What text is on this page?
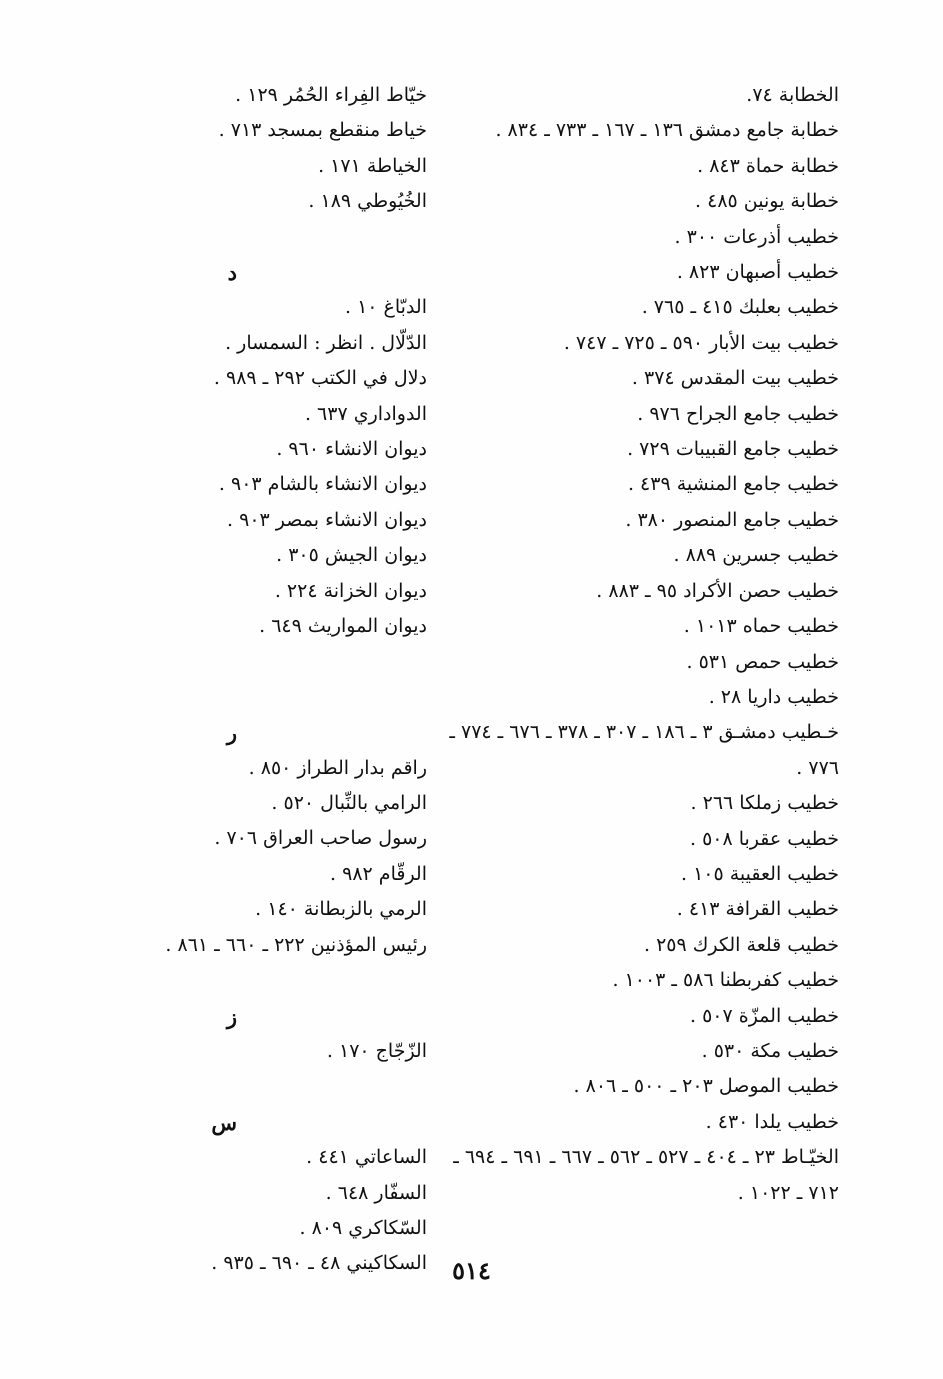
الخطابة ٧٤.
خطابة جامع دمشق ١٣٦ ـ ١٦٧ ـ ٧٣٣ ـ ٨٣٤ .
خطابة حماة ٨٤٣ .
خطابة يونين ٤٨٥ .
خطيب أذرعات ٣٠٠ .
خطيب أصبهان ٨٢٣ .
خطيب بعلبك ٤١٥ ـ ٧٦٥ .
خطيب بيت الأبار ٥٩٠ ـ ٧٢٥ ـ ٧٤٧ .
خطيب بيت المقدس ٣٧٤ .
خطيب جامع الجراح ٩٧٦ .
خطيب جامع القبيبات ٧٢٩ .
خطيب جامع المنشية ٤٣٩ .
خطيب جامع المنصور ٣٨٠ .
خطيب جسرين ٨٨٩ .
خطيب حصن الأكراد ٩٥ ـ ٨٨٣ .
خطيب حماه ١٠١٣ .
خطيب حمص ٥٣١ .
خطيب داريا ٢٨ .
خـطيب دمشـق ٣ ـ ١٨٦ ـ ٣٠٧ ـ ٣٧٨ ـ ٦٧٦ ـ ٧٧٤ ـ ٧٧٦ .
خطيب زملكا ٢٦٦ .
خطيب عقربا ٥٠٨ .
خطيب العقيبة ١٠٥ .
خطيب القرافة ٤١٣ .
خطيب قلعة الكرك ٢٥٩ .
خطيب كفربطنا ٥٨٦ ـ ١٠٠٣ .
خطيب المزّة ٥٠٧ .
خطيب مكة ٥٣٠ .
خطيب الموصل ٢٠٣ ـ ٥٠٠ ـ ٨٠٦ .
خطيب يلدا ٤٣٠ .
الخيّـاط ٢٣ ـ ٤٠٤ ـ ٥٢٧ ـ ٥٦٢ ـ ٦٦٧ ـ ٦٩١ ـ ٦٩٤ ـ ٧١٢ ـ ١٠٢٢ .
خيّاط الفِراء الحُمُر ١٢٩ .
خياط منقطع بمسجد ٧١٣ .
الخياطة ١٧١ .
الخُيُوطي ١٨٩ .
د
الدبّاغ ١٠ .
الدّلّال . انظر : السمسار .
دلال في الكتب ٢٩٢ ـ ٩٨٩ .
الدواداري ٦٣٧ .
ديوان الانشاء ٩٦٠ .
ديوان الانشاء بالشام ٩٠٣ .
ديوان الانشاء بمصر ٩٠٣ .
ديوان الجيش ٣٠٥ .
ديوان الخزانة ٢٢٤ .
ديوان المواريث ٦٤٩ .
ر
راقم بدار الطراز ٨٥٠ .
الرامي بالنِّبال ٥٢٠ .
رسول صاحب العراق ٧٠٦ .
الرقّام ٩٨٢ .
الرمي بالزبطانة ١٤٠ .
رئيس المؤذنين ٢٢٢ ـ ٦٦٠ ـ ٨٦١ .
ز
الزّجّاج ١٧٠ .
س
الساعاتي ٤٤١ .
السفّار ٦٤٨ .
السّكاكري ٨٠٩ .
السكاكيني ٤٨ ـ ٦٩٠ ـ ٩٣٥ .	٥١٤
